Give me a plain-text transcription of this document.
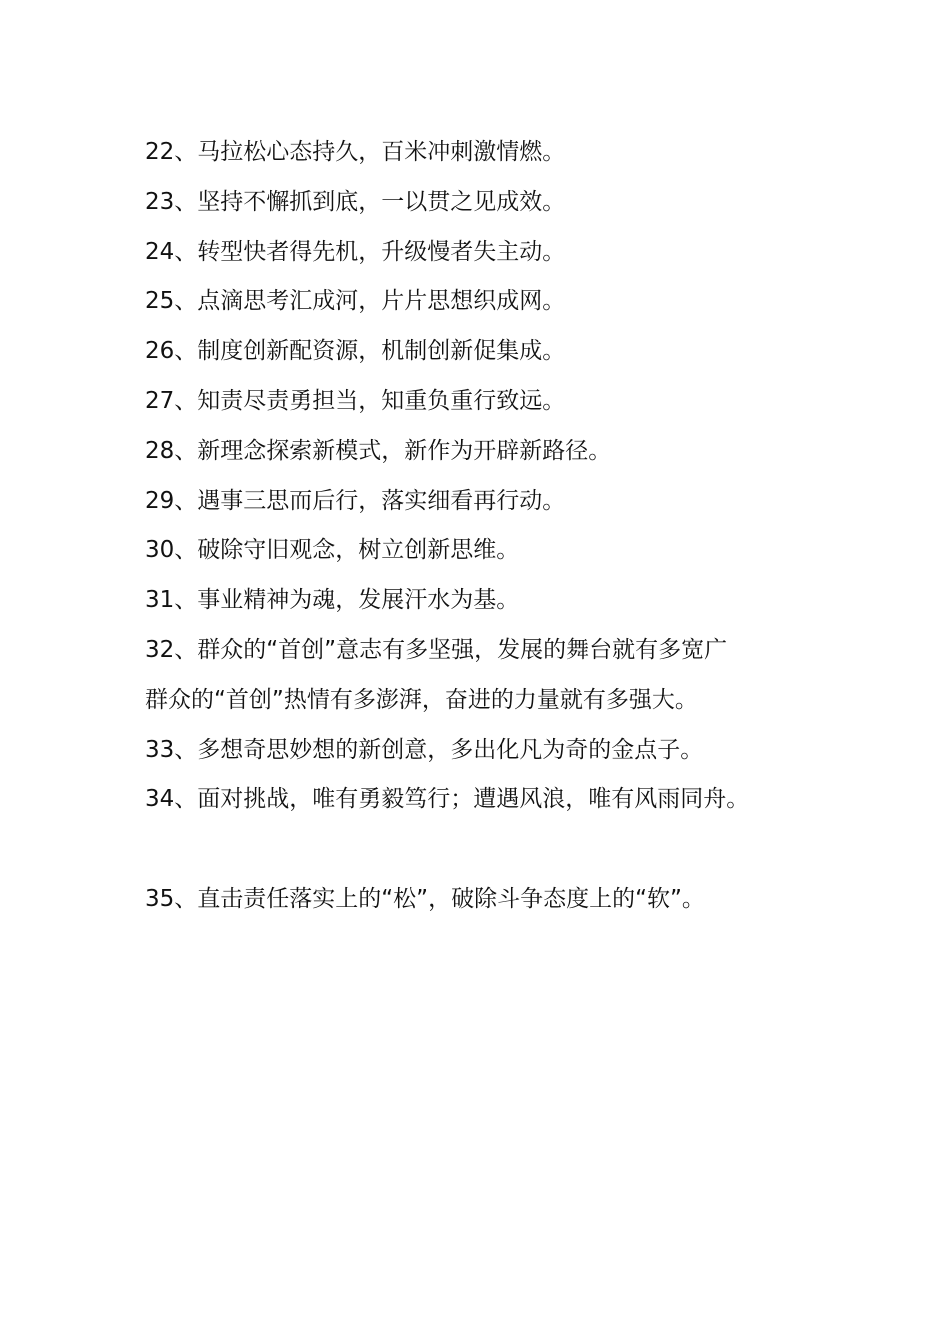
22、马拉松心态持久，百米冲刺激情燃。
23、坚持不懈抓到底，一以贯之见成效。
24、转型快者得先机，升级慢者失主动。
25、点滴思考汇成河，片片思想织成网。
26、制度创新配资源，机制创新促集成。
27、知责尽责勇担当，知重负重行致远。
28、新理念探索新模式，新作为开辟新路径。
29、遇事三思而后行，落实细看再行动。
30、破除守旧观念，树立创新思维。
31、事业精神为魂，发展汗水为基。
32、群众的“首创”意志有多坚强，发展的舞台就有多宽广
群众的“首创”热情有多澎湃，奋进的力量就有多强大。
33、多想奇思妙想的新创意，多出化凡为奇的金点子。
34、面对挑战，唯有勇毅笃行；遭遇风浪，唯有风雨同舟。
35、直击责任落实上的“松”，破除斗争态度上的“软”。
